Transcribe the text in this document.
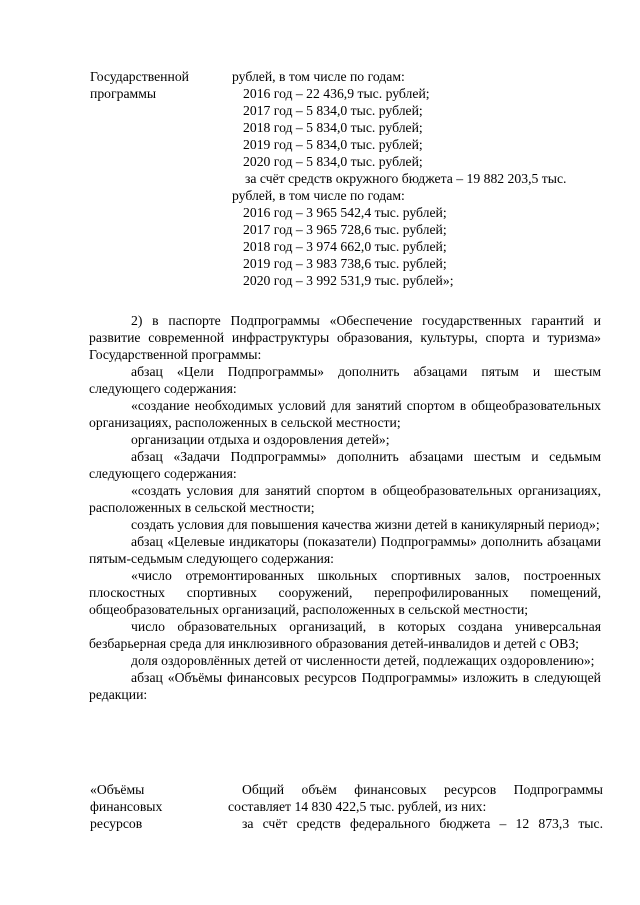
Государственной
программы
рублей, в том числе по годам:
2016 год – 22 436,9 тыс. рублей;
2017 год – 5 834,0 тыс. рублей;
2018 год – 5 834,0 тыс. рублей;
2019 год – 5 834,0 тыс. рублей;
2020 год – 5 834,0 тыс. рублей;
за счёт средств окружного бюджета – 19 882 203,5 тыс.
рублей, в том числе по годам:
2016 год – 3 965 542,4 тыс. рублей;
2017 год – 3 965 728,6 тыс. рублей;
2018 год – 3 974 662,0 тыс. рублей;
2019 год – 3 983 738,6 тыс. рублей;
2020 год – 3 992 531,9 тыс. рублей»;

2) в паспорте Подпрограммы «Обеспечение государственных гарантий и развитие современной инфраструктуры образования, культуры, спорта и туризма» Государственной программы:

абзац «Цели Подпрограммы» дополнить абзацами пятым и шестым следующего содержания:

«создание необходимых условий для занятий спортом в общеобразовательных организациях, расположенных в сельской местности;

организации отдыха и оздоровления детей»;

абзац «Задачи Подпрограммы» дополнить абзацами шестым и седьмым следующего содержания:

«создать условия для занятий спортом в общеобразовательных организациях, расположенных в сельской местности;

создать условия для повышения качества жизни детей в каникулярный период»;

абзац «Целевые индикаторы (показатели) Подпрограммы» дополнить абзацами пятым-седьмым следующего содержания:

«число отремонтированных школьных спортивных залов, построенных плоскостных спортивных сооружений, перепрофилированных помещений, общеобразовательных организаций, расположенных в сельской местности;

число образовательных организаций, в которых создана универсальная безбарьерная среда для инклюзивного образования детей-инвалидов и детей с ОВЗ;

доля оздоровлённых детей от численности детей, подлежащих оздоровлению»;

абзац «Объёмы финансовых ресурсов Подпрограммы» изложить в следующей редакции:

«Объёмы
финансовых
ресурсов

Общий объём финансовых ресурсов Подпрограммы составляет 14 830 422,5 тыс. рублей, из них:

за счёт средств федерального бюджета – 12 873,3 тыс.
